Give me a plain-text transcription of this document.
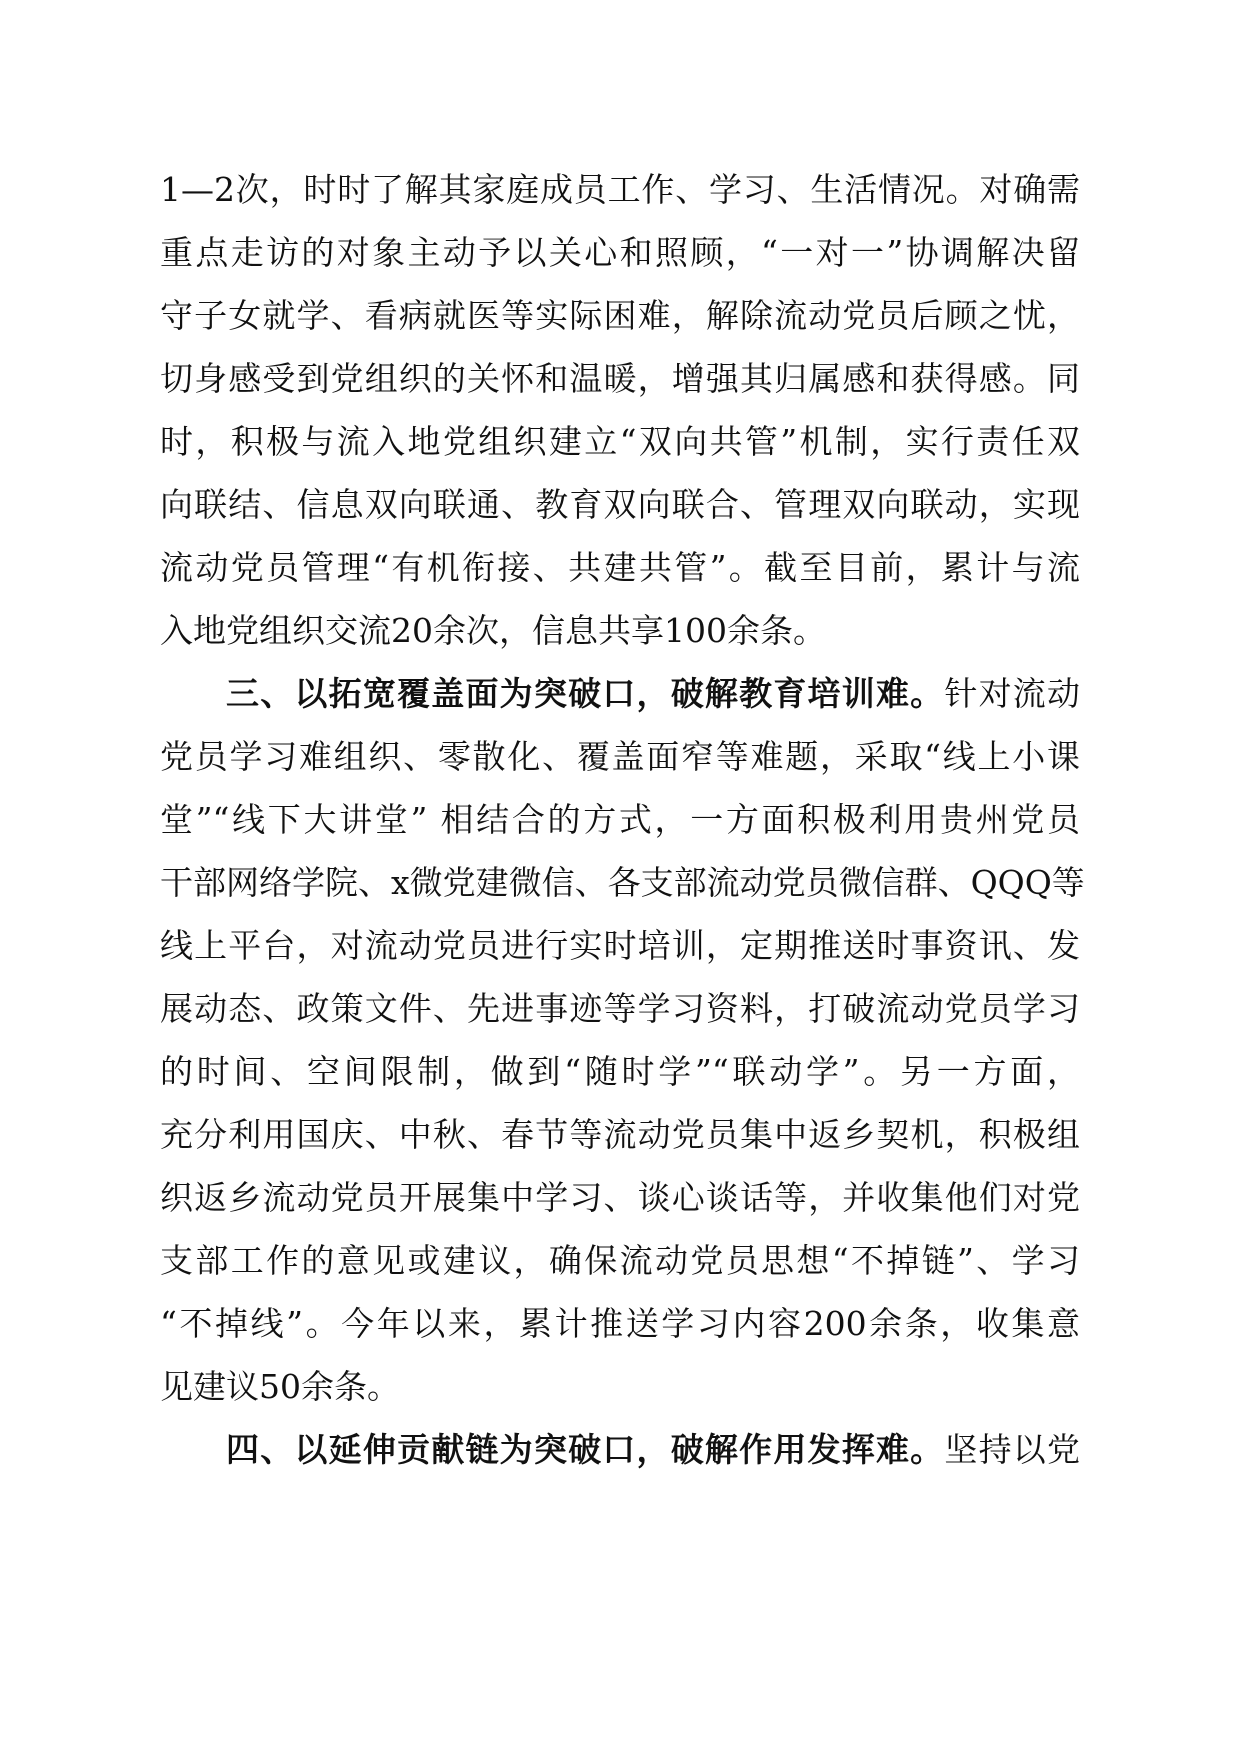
1—2次，时时了解其家庭成员工作、学习、生活情况。对确需
重点走访的对象主动予以关心和照顾，“一对一”协调解决留
守子女就学、看病就医等实际困难，解除流动党员后顾之忧，
切身感受到党组织的关怀和温暖，增强其归属感和获得感。同
时，积极与流入地党组织建立“双向共管”机制，实行责任双
向联结、信息双向联通、教育双向联合、管理双向联动，实现
流动党员管理“有机衔接、共建共管”。截至目前，累计与流
入地党组织交流20余次，信息共享100余条。
三、以拓宽覆盖面为突破口，破解教育培训难。针对流动
党员学习难组织、零散化、覆盖面窄等难题，采取“线上小课
堂”“线下大讲堂” 相结合的方式，一方面积极利用贵州党员
干部网络学院、x微党建微信、各支部流动党员微信群、QQQ等
线上平台，对流动党员进行实时培训，定期推送时事资讯、发
展动态、政策文件、先进事迹等学习资料，打破流动党员学习
的时间、空间限制，做到“随时学”“联动学”。另一方面，
充分利用国庆、中秋、春节等流动党员集中返乡契机，积极组
织返乡流动党员开展集中学习、谈心谈话等，并收集他们对党
支部工作的意见或建议，确保流动党员思想“不掉链”、学习
“不掉线”。今年以来，累计推送学习内容200余条，收集意
见建议50余条。
四、以延伸贡献链为突破口，破解作用发挥难。坚持以党
